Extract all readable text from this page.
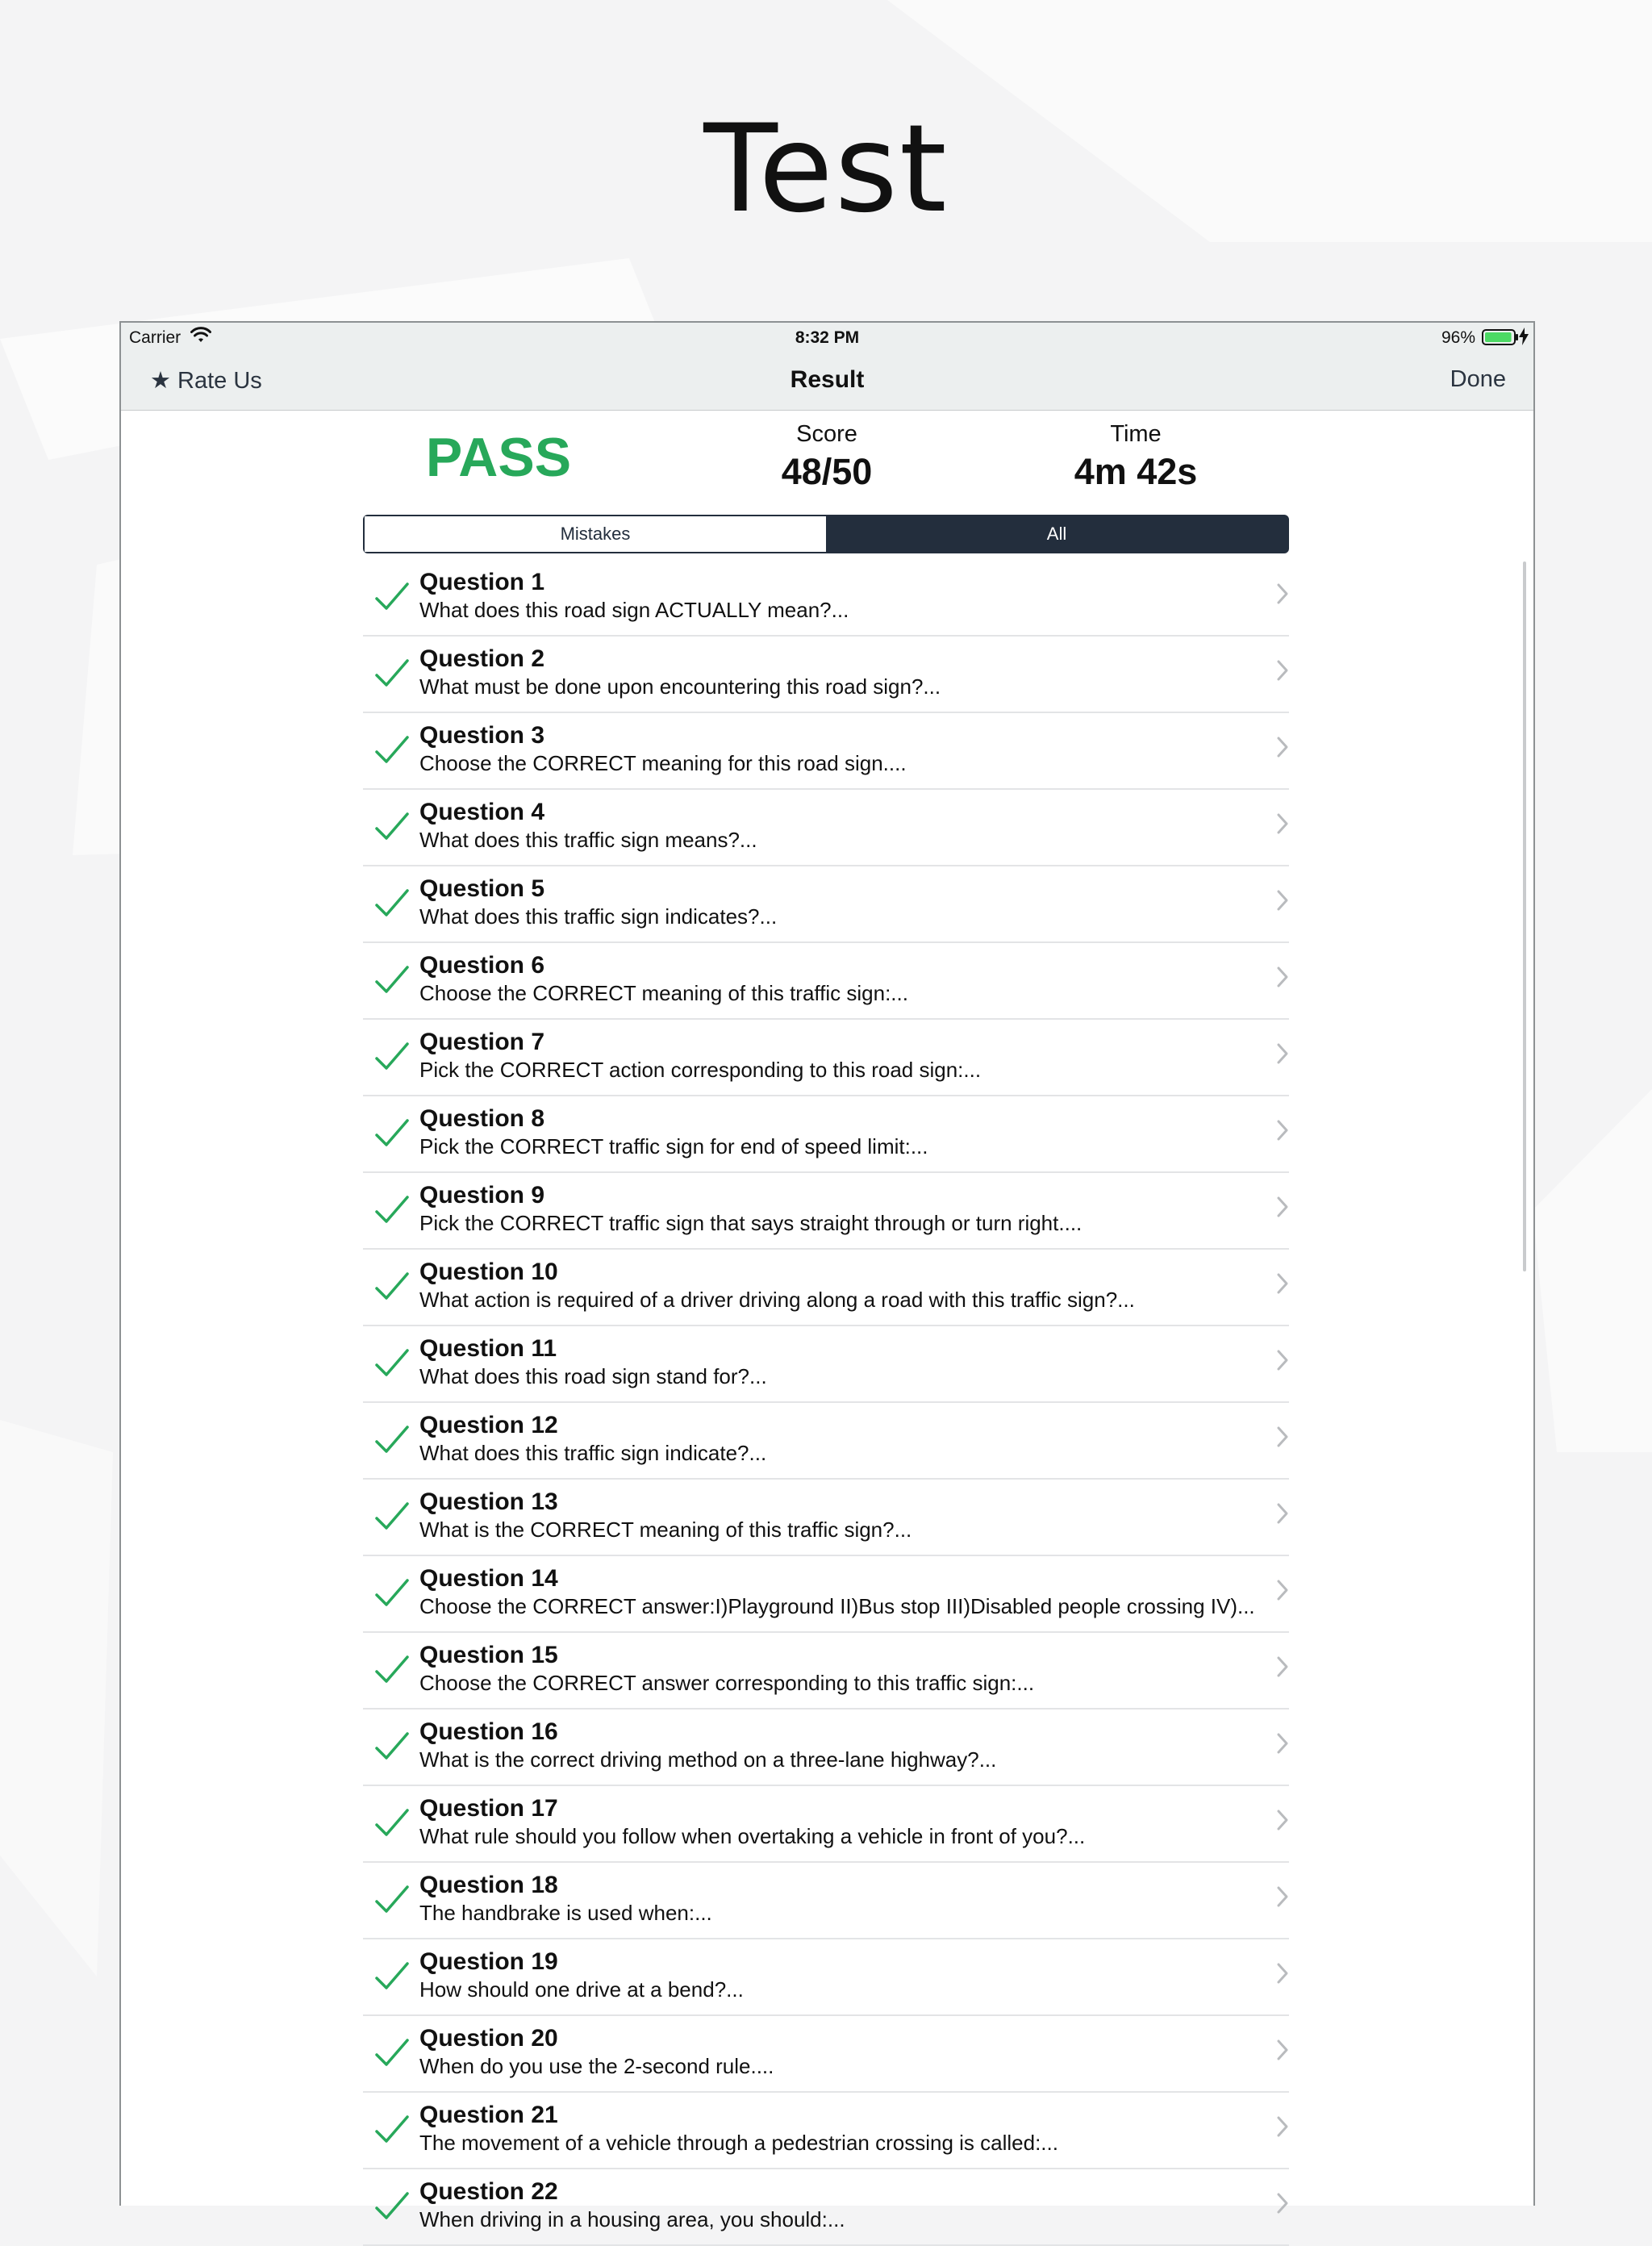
Test
Carrier	8:32 PM	96%
★ Rate Us	Result	Done
PASS	Score
48/50
Time
4m 42s
Mistakes	All
Question 1
What does this road sign ACTUALLY mean?...
Question 2
What must be done upon encountering this road sign?...
Question 3
Choose the CORRECT meaning for this road sign....
Question 4
What does this traffic sign means?...
Question 5
What does this traffic sign indicates?...
Question 6
Choose the CORRECT meaning of this traffic sign:...
Question 7
Pick the CORRECT action corresponding to this road sign:...
Question 8
Pick the CORRECT traffic sign for end of speed limit:...
Question 9
Pick the CORRECT traffic sign that says straight through or turn right....
Question 10
What action is required of a driver driving along a road with this traffic sign?...
Question 11
What does this road sign stand for?...
Question 12
What does this traffic sign indicate?...
Question 13
What is the CORRECT meaning of this traffic sign?...
Question 14
Choose the CORRECT answer:I)Playground II)Bus stop III)Disabled people crossing IV)...
Question 15
Choose the CORRECT answer corresponding to this traffic sign:...
Question 16
What is the correct driving method on a three-lane highway?...
Question 17
What rule should you follow when overtaking a vehicle in front of you?...
Question 18
The handbrake is used when:...
Question 19
How should one drive at a bend?...
Question 20
When do you use the 2-second rule....
Question 21
The movement of a vehicle through a pedestrian crossing is called:...
Question 22
When driving in a housing area, you should:...
